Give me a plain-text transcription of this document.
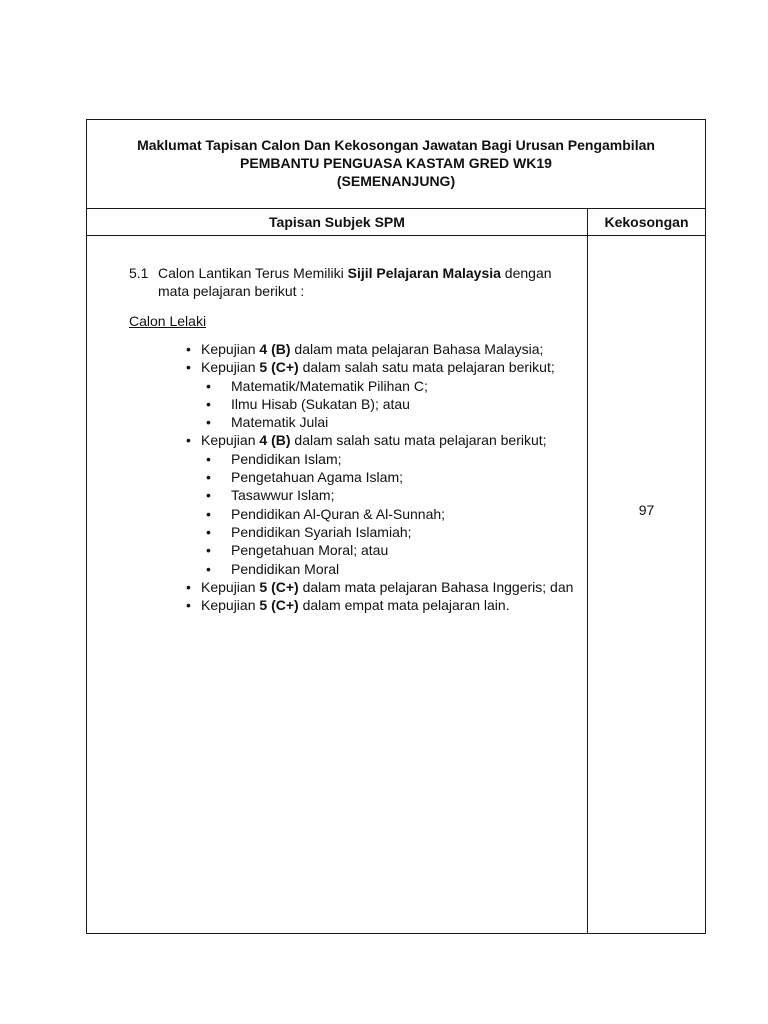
Maklumat Tapisan Calon Dan Kekosongan Jawatan Bagi Urusan Pengambilan
PEMBANTU PENGUASA KASTAM GRED WK19
(SEMENANJUNG)
Tapisan Subjek SPM	Kekosongan
97
5.1 Calon Lantikan Terus Memiliki Sijil Pelajaran Malaysia dengan mata pelajaran berikut :
Calon Lelaki
• Kepujian 4 (B) dalam mata pelajaran Bahasa Malaysia;
• Kepujian 5 (C+) dalam salah satu mata pelajaran berikut;
• Matematik/Matematik Pilihan C;
• Ilmu Hisab (Sukatan B); atau
• Matematik Julai
• Kepujian 4 (B) dalam salah satu mata pelajaran berikut;
• Pendidikan Islam;
• Pengetahuan Agama Islam;
• Tasawwur Islam;
• Pendidikan Al-Quran & Al-Sunnah;
• Pendidikan Syariah Islamiah;
• Pengetahuan Moral; atau
• Pendidikan Moral
• Kepujian 5 (C+) dalam mata pelajaran Bahasa Inggeris; dan
• Kepujian 5 (C+) dalam empat mata pelajaran lain.
